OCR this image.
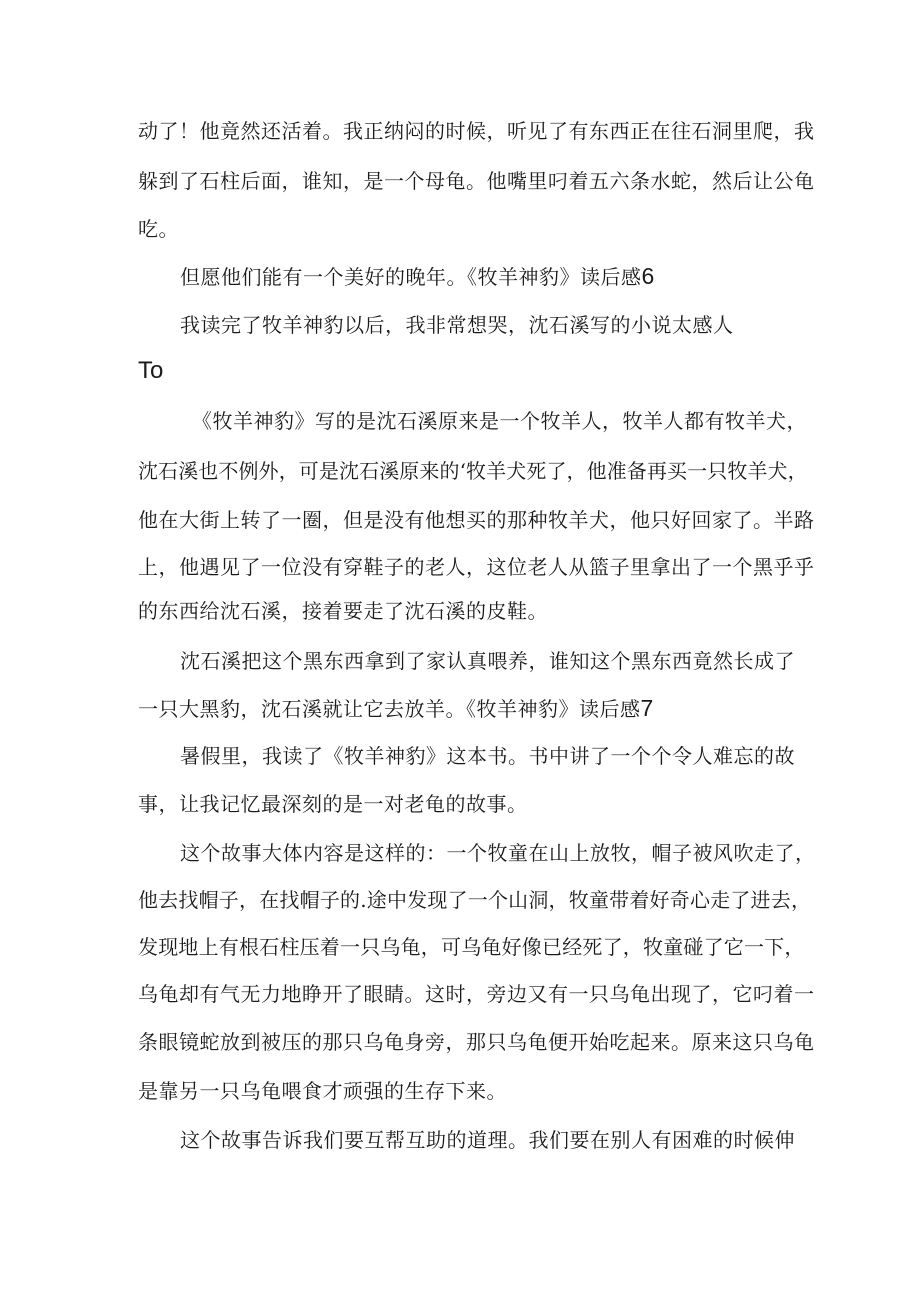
动了！他竟然还活着。我正纳闷的时候，听见了有东西正在往石洞里爬，我
躲到了石柱后面，谁知，是一个母龟。他嘴里叼着五六条水蛇，然后让公龟
吃。
但愿他们能有一个美好的晚年。《牧羊神豹》读后感6
我读完了牧羊神豹以后，我非常想哭，沈石溪写的小说太感人
To
《牧羊神豹》写的是沈石溪原来是一个牧羊人，牧羊人都有牧羊犬，
沈石溪也不例外，可是沈石溪原来的‘牧羊犬死了，他准备再买一只牧羊犬，
他在大街上转了一圈，但是没有他想买的那种牧羊犬，他只好回家了。半路
上，他遇见了一位没有穿鞋子的老人，这位老人从篮子里拿出了一个黑乎乎
的东西给沈石溪，接着要走了沈石溪的皮鞋。
沈石溪把这个黑东西拿到了家认真喂养，谁知这个黑东西竟然长成了
一只大黑豹，沈石溪就让它去放羊。《牧羊神豹》读后感7
暑假里，我读了《牧羊神豹》这本书。书中讲了一个个令人难忘的故
事，让我记忆最深刻的是一对老龟的故事。
这个故事大体内容是这样的：一个牧童在山上放牧，帽子被风吹走了，
他去找帽子，在找帽子的.途中发现了一个山洞，牧童带着好奇心走了进去，
发现地上有根石柱压着一只乌龟，可乌龟好像已经死了，牧童碰了它一下，
乌龟却有气无力地睁开了眼睛。这时，旁边又有一只乌龟出现了，它叼着一
条眼镜蛇放到被压的那只乌龟身旁，那只乌龟便开始吃起来。原来这只乌龟
是靠另一只乌龟喂食才顽强的生存下来。
这个故事告诉我们要互帮互助的道理。我们要在别人有困难的时候伸
